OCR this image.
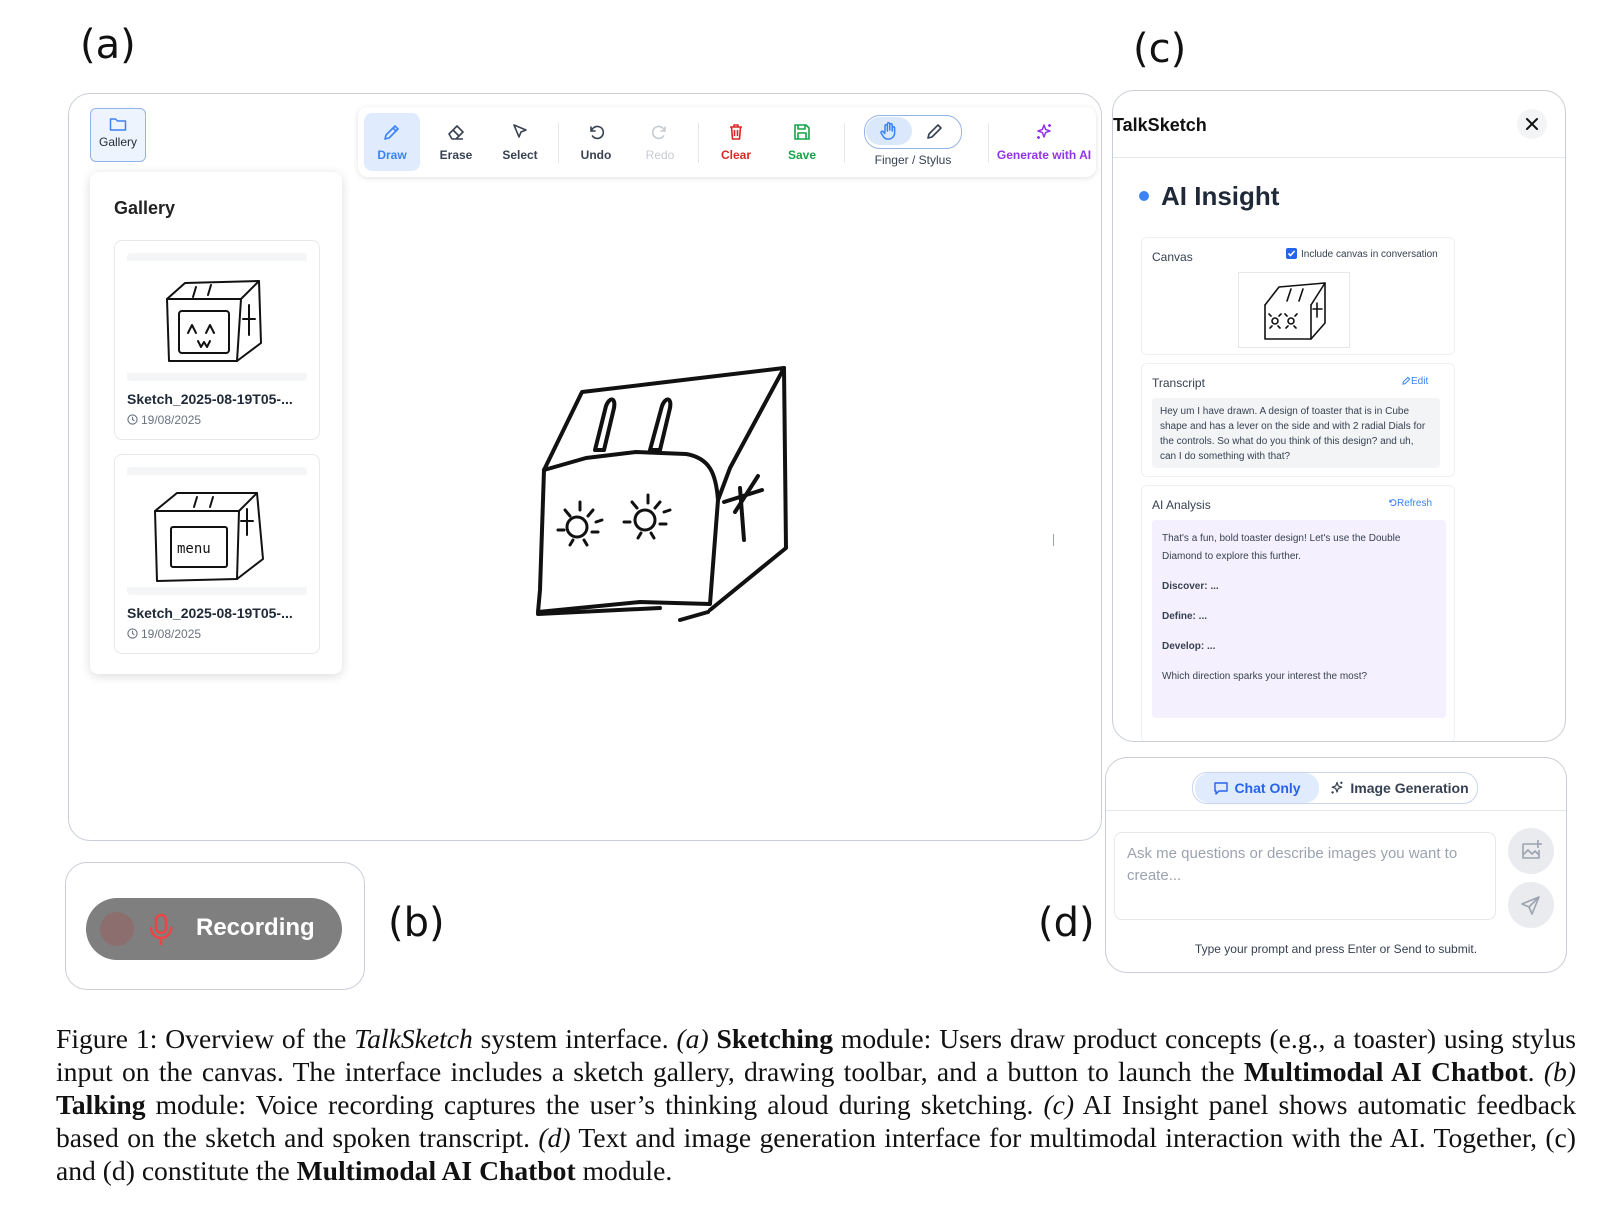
(a)	(c)
(b)	(d)
Gallery
Gallery
Sketch_2025-08-19T05-...
19/08/2025
menu
Sketch_2025-08-19T05-...
19/08/2025
Draw	Erase	Select	Undo	Redo	Clear	Save	Finger / Stylus	Generate with AI
Recording
TalkSketch
AI Insight
Canvas	Include canvas in conversation
Transcript	Edit
Hey um I have drawn. A design of toaster that is in Cube shape and has a lever on the side and with 2 radial Dials for the controls. So what do you think of this design? and uh, can I do something with that?
AI Analysis	Refresh

That's a fun, bold toaster design! Let's use the Double Diamond to explore this further.

Discover: ...

Define: ...

Develop: ...

Which direction sparks your interest the most?

Chat Only	Image Generation
Ask me questions or describe images you want to create...
Type your prompt and press Enter or Send to submit.
Figure 1: Overview of the TalkSketch system interface. (a) Sketching module: Users draw product concepts (e.g., a toaster) using stylus input on the canvas. The interface includes a sketch gallery, drawing toolbar, and a button to launch the Multimodal AI Chatbot. (b) Talking module: Voice recording captures the user’s thinking aloud during sketching. (c) AI Insight panel shows automatic feedback based on the sketch and spoken transcript. (d) Text and image generation interface for multimodal interaction with the AI. Together, (c) and (d) constitute the Multimodal AI Chatbot module.
